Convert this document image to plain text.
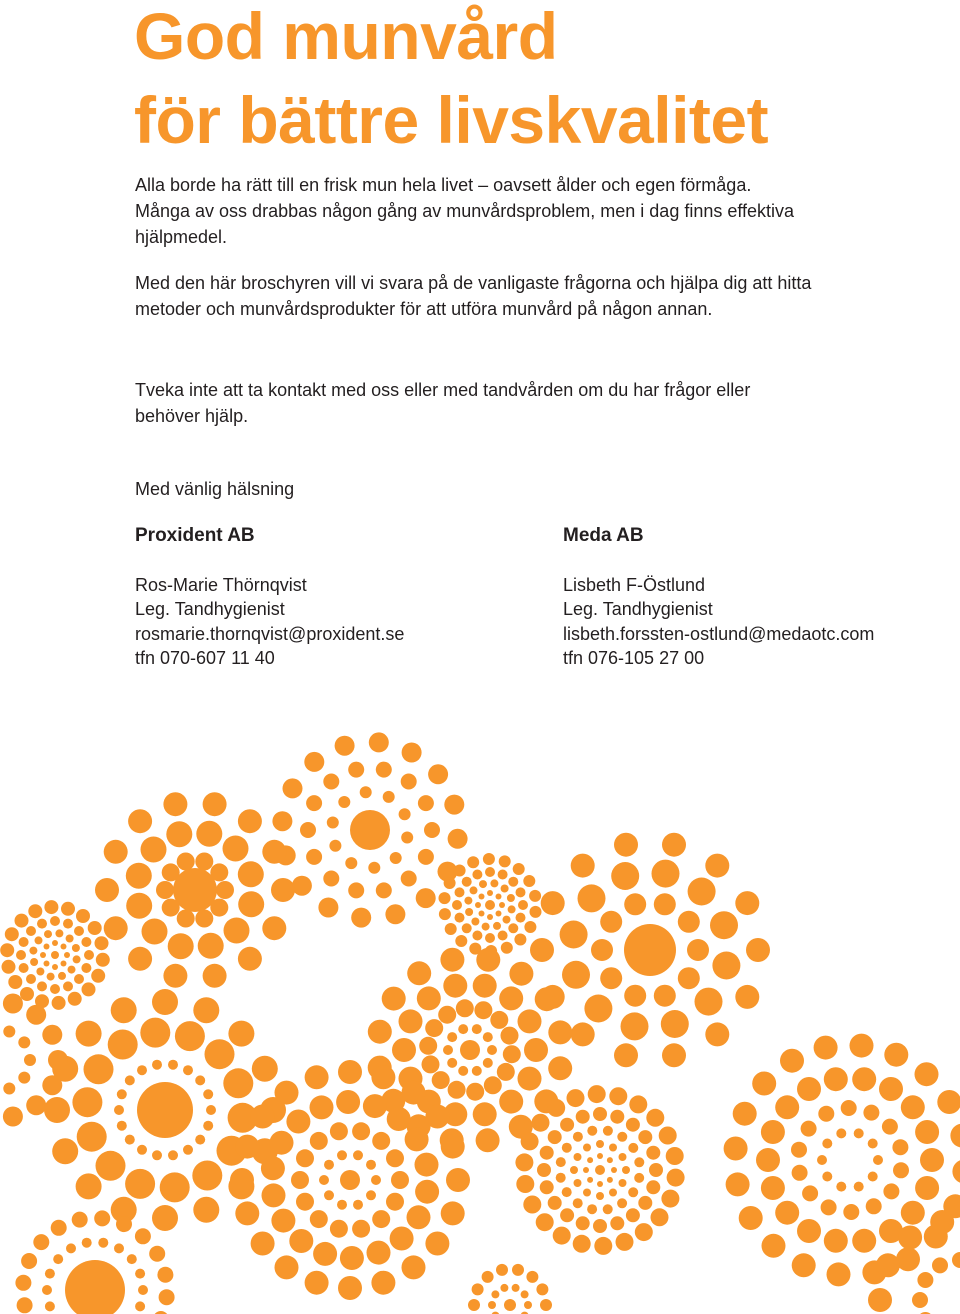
God munvård
för bättre livskvalitet

Alla borde ha rätt till en frisk mun hela livet – oavsett ålder och egen förmåga. Många av oss drabbas någon gång av munvårdsproblem, men i dag finns effektiva hjälpmedel.

Med den här broschyren vill vi svara på de vanligaste frågorna och hjälpa dig att hitta metoder och munvårdsprodukter för att utföra munvård på någon annan.

Tveka inte att ta kontakt med oss eller med tandvården om du har frågor eller behöver hjälp.

Med vänlig hälsning

Proxident AB
Ros-Marie Thörnqvist
Leg. Tandhygienist
rosmarie.thornqvist@proxident.se
tfn 070-607 11 40
Meda AB
Lisbeth F-Östlund
Leg. Tandhygienist
lisbeth.forssten-ostlund@medaotc.com
tfn 076-105 27 00
